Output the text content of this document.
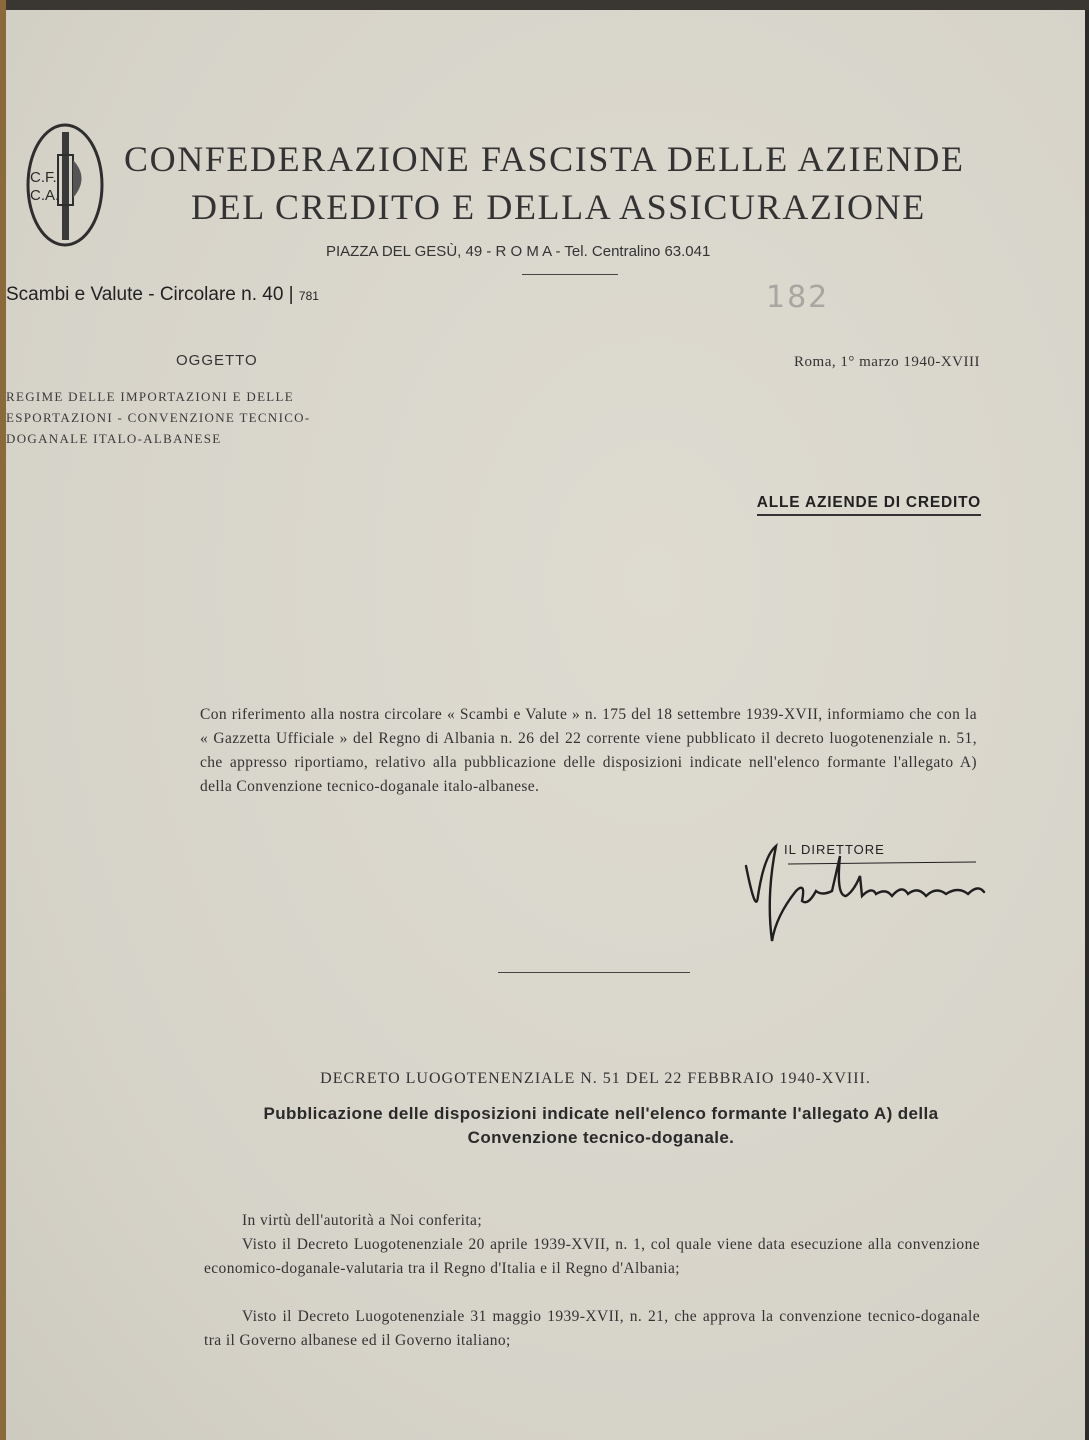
C.F.
C.A.
CONFEDERAZIONE FASCISTA DELLE AZIENDE
DEL CREDITO E DELLA ASSICURAZIONE
PIAZZA DEL GESÙ, 49 - R O M A - Tel. Centralino 63.041
Scambi e Valute - Circolare n. 40 | 781	182
OGGETTO	Roma, 1° marzo 1940-XVIII
REGIME DELLE IMPORTAZIONI E DELLE ESPORTAZIONI - CONVENZIONE TECNICO-DOGANALE ITALO-ALBANESE
ALLE AZIENDE DI CREDITO
Con riferimento alla nostra circolare « Scambi e Valute » n. 175 del 18 settembre 1939-XVII, informiamo che con la « Gazzetta Ufficiale » del Regno di Albania n. 26 del 22 corrente viene pubblicato il decreto luogotenenziale n. 51, che appresso riportiamo, relativo alla pubblicazione delle disposizioni indicate nell'elenco formante l'allegato A) della Convenzione tecnico-doganale italo-albanese.
IL DIRETTORE
DECRETO LUOGOTENENZIALE N. 51 DEL 22 FEBBRAIO 1940-XVIII.
Pubblicazione delle disposizioni indicate nell'elenco formante l'allegato A) della Convenzione tecnico-doganale.
In virtù dell'autorità a Noi conferita;
Visto il Decreto Luogotenenziale 20 aprile 1939-XVII, n. 1, col quale viene data esecuzione alla convenzione economico-doganale-valutaria tra il Regno d'Italia e il Regno d'Albania;
Visto il Decreto Luogotenenziale 31 maggio 1939-XVII, n. 21, che approva la convenzione tecnico-doganale tra il Governo albanese ed il Governo italiano;
